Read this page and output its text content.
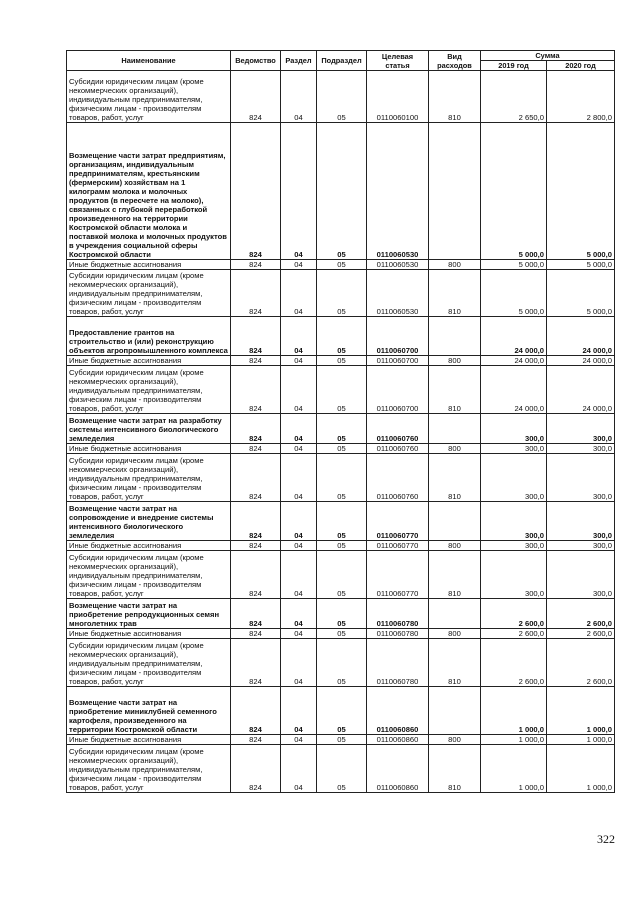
Наименование	Ведомство	Раздел	Подраздел	Целевая статья	Вид расходов	Сумма	
						2019 год	2020 год
Субсидии юридическим лицам (кроме некоммерческих организаций), индивидуальным предпринимателям, физическим лицам - производителям товаров, работ, услуг	824	04	05	0110060100	810	2 650,0	2 800,0
Возмещение части затрат предприятиям, организациям, индивидуальным предпринимателям, крестьянским (фермерским) хозяйствам на 1 килограмм молока и молочных продуктов (в пересчете на молоко), связанных с глубокой переработкой произведенного на территории Костромской области молока и поставкой молока и молочных продуктов в учреждения социальной сферы Костромской области	824	04	05	0110060530		5 000,0	5 000,0
Иные бюджетные ассигнования	824	04	05	0110060530	800	5 000,0	5 000,0
Субсидии юридическим лицам (кроме некоммерческих организаций), индивидуальным предпринимателям, физическим лицам - производителям товаров, работ, услуг	824	04	05	0110060530	810	5 000,0	5 000,0
Предоставление грантов на строительство и (или) реконструкцию объектов агропромышленного комплекса	824	04	05	0110060700		24 000,0	24 000,0
Иные бюджетные ассигнования	824	04	05	0110060700	800	24 000,0	24 000,0
Субсидии юридическим лицам (кроме некоммерческих организаций), индивидуальным предпринимателям, физическим лицам - производителям товаров, работ, услуг	824	04	05	0110060700	810	24 000,0	24 000,0
Возмещение части затрат на разработку системы интенсивного биологического земледелия	824	04	05	0110060760		300,0	300,0
Иные бюджетные ассигнования	824	04	05	0110060760	800	300,0	300,0
Субсидии юридическим лицам (кроме некоммерческих организаций), индивидуальным предпринимателям, физическим лицам - производителям товаров, работ, услуг	824	04	05	0110060760	810	300,0	300,0
Возмещение части затрат на сопровождение и внедрение системы интенсивного биологического земледелия	824	04	05	0110060770		300,0	300,0
Иные бюджетные ассигнования	824	04	05	0110060770	800	300,0	300,0
Субсидии юридическим лицам (кроме некоммерческих организаций), индивидуальным предпринимателям, физическим лицам - производителям товаров, работ, услуг	824	04	05	0110060770	810	300,0	300,0
Возмещение части затрат на приобретение репродукционных семян многолетних трав	824	04	05	0110060780		2 600,0	2 600,0
Иные бюджетные ассигнования	824	04	05	0110060780	800	2 600,0	2 600,0
Субсидии юридическим лицам (кроме некоммерческих организаций), индивидуальным предпринимателям, физическим лицам - производителям товаров, работ, услуг	824	04	05	0110060780	810	2 600,0	2 600,0
Возмещение части затрат на приобретение миниклубней семенного картофеля, произведенного на территории Костромской области	824	04	05	0110060860		1 000,0	1 000,0
Иные бюджетные ассигнования	824	04	05	0110060860	800	1 000,0	1 000,0
Субсидии юридическим лицам (кроме некоммерческих организаций), индивидуальным предпринимателям, физическим лицам - производителям товаров, работ, услуг	824	04	05	0110060860	810	1 000,0	1 000,0
322
